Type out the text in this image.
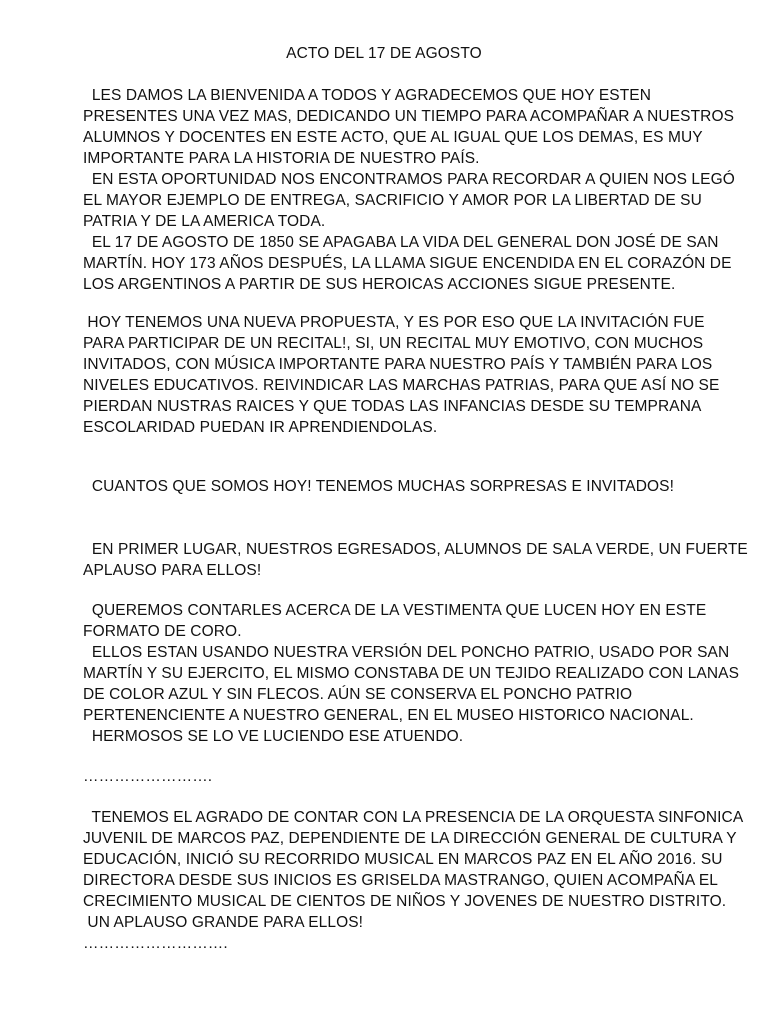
ACTO DEL 17 DE AGOSTO
LES DAMOS LA BIENVENIDA A TODOS Y AGRADECEMOS QUE HOY ESTEN
PRESENTES UNA VEZ MAS, DEDICANDO UN TIEMPO PARA ACOMPAÑAR A NUESTROS
ALUMNOS Y DOCENTES EN ESTE ACTO, QUE AL IGUAL QUE LOS DEMAS, ES MUY
IMPORTANTE PARA LA HISTORIA DE NUESTRO PAÍS.
EN ESTA OPORTUNIDAD NOS ENCONTRAMOS PARA RECORDAR A QUIEN NOS LEGÓ
EL MAYOR EJEMPLO DE ENTREGA, SACRIFICIO Y AMOR POR LA LIBERTAD DE SU
PATRIA Y DE LA AMERICA TODA.
EL 17 DE AGOSTO DE 1850 SE APAGABA LA VIDA DEL GENERAL DON JOSÉ DE SAN
MARTÍN. HOY 173 AÑOS DESPUÉS, LA LLAMA SIGUE ENCENDIDA EN EL CORAZÓN DE
LOS ARGENTINOS A PARTIR DE SUS HEROICAS ACCIONES SIGUE PRESENTE.
HOY TENEMOS UNA NUEVA PROPUESTA, Y ES POR ESO QUE LA INVITACIÓN FUE
PARA PARTICIPAR DE UN RECITAL!, SI, UN RECITAL MUY EMOTIVO, CON MUCHOS
INVITADOS, CON MÚSICA IMPORTANTE PARA NUESTRO PAÍS Y TAMBIÉN PARA LOS
NIVELES EDUCATIVOS. REIVINDICAR LAS MARCHAS PATRIAS, PARA QUE ASÍ NO SE
PIERDAN NUSTRAS RAICES Y QUE TODAS LAS INFANCIAS DESDE SU TEMPRANA
ESCOLARIDAD PUEDAN IR APRENDIENDOLAS.
CUANTOS QUE SOMOS HOY! TENEMOS MUCHAS SORPRESAS E INVITADOS!
EN PRIMER LUGAR, NUESTROS EGRESADOS, ALUMNOS DE SALA VERDE, UN FUERTE
APLAUSO PARA ELLOS!
QUEREMOS CONTARLES ACERCA DE LA VESTIMENTA QUE LUCEN HOY EN ESTE
FORMATO DE CORO.
ELLOS ESTAN USANDO NUESTRA VERSIÓN DEL PONCHO PATRIO, USADO POR SAN
MARTÍN Y SU EJERCITO, EL MISMO CONSTABA DE UN TEJIDO REALIZADO CON LANAS
DE COLOR AZUL Y SIN FLECOS. AÚN SE CONSERVA EL PONCHO PATRIO
PERTENENCIENTE A NUESTRO GENERAL, EN EL MUSEO HISTORICO NACIONAL.
HERMOSOS SE LO VE LUCIENDO ESE ATUENDO.
…………………….
TENEMOS EL AGRADO DE CONTAR CON LA PRESENCIA DE LA ORQUESTA SINFONICA
JUVENIL DE MARCOS PAZ, DEPENDIENTE DE LA DIRECCIÓN GENERAL DE CULTURA Y
EDUCACIÓN, INICIÓ SU RECORRIDO MUSICAL EN MARCOS PAZ EN EL AÑO 2016. SU
DIRECTORA DESDE SUS INICIOS ES GRISELDA MASTRANGO, QUIEN ACOMPAÑA EL
CRECIMIENTO MUSICAL DE CIENTOS DE NIÑOS Y JOVENES DE NUESTRO DISTRITO.
UN APLAUSO GRANDE PARA ELLOS!
……………………….
